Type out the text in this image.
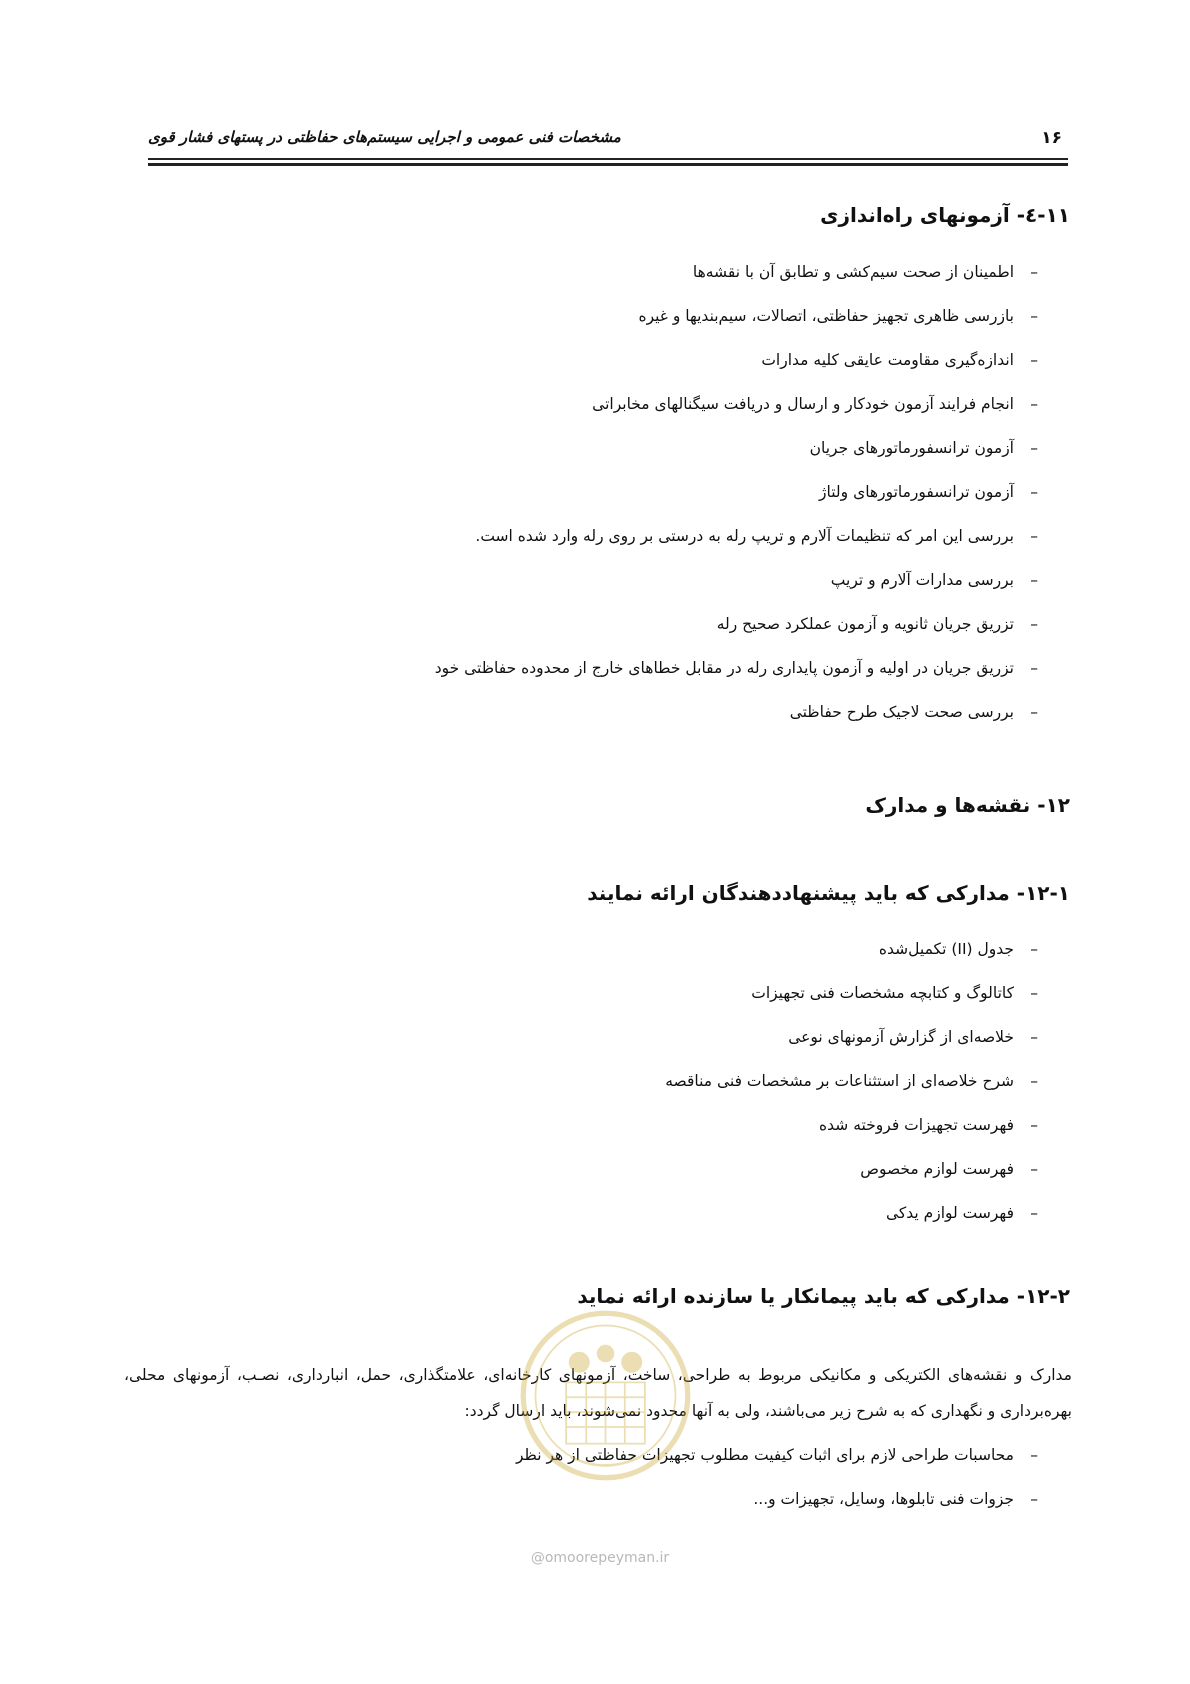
۱۶
مشخصات فنی عمومی و اجرایی سیستم‌های حفاظتی در پستهای فشار قوی
۱۱-٤- آزمونهای راه‌اندازی
–اطمینان از صحت سیم‌کشی و تطابق آن با نقشه‌ها
–بازرسی ظاهری تجهیز حفاظتی، اتصالات، سیم‌بندیها و غیره
–اندازه‌گیری مقاومت عایقی کلیه مدارات
–انجام فرایند آزمون خودکار و ارسال و دریافت سیگنالهای مخابراتی
–آزمون ترانسفورماتورهای جریان
–آزمون ترانسفورماتورهای ولتاژ
–بررسی این امر که تنظیمات آلارم و تریپ رله به درستی بر روی رله وارد شده است.
–بررسی مدارات آلارم و تریپ
–تزریق جریان ثانویه و آزمون عملکرد صحیح رله
–تزریق جریان در اولیه و آزمون پایداری رله در مقابل خطاهای خارج از محدوده حفاظتی خود
–بررسی صحت لاجیک طرح حفاظتی
۱۲- نقشه‌ها و مدارک
۱۲-۱- مدارکی که باید پیشنهاددهندگان ارائه نمایند
–جدول (II) تکمیل‌شده
–کاتالوگ و کتابچه مشخصات فنی تجهیزات
–خلاصه‌ای از گزارش آزمونهای نوعی
–شرح خلاصه‌ای از استثناعات بر مشخصات فنی مناقصه
–فهرست تجهیزات فروخته شده
–فهرست لوازم مخصوص
–فهرست لوازم یدکی
۱۲-۲- مدارکی که باید پیمانکار یا سازنده ارائه نماید
مدارک و نقشه‌های الکتریکی و مکانیکی مربوط به طراحی، ساخت، آزمونهای کارخانه‌ای، علامتگذاری، حمل، انبارداری، نصـب، آزمونهای محلی، بهره‌برداری و نگهداری که به شرح زیر می‌باشند، ولی به آنها محدود نمی‌شوند، باید ارسال گردد:
–محاسبات طراحی لازم برای اثبات کیفیت مطلوب تجهیزات حفاظتی از هر نظر
–جزوات فنی تابلوها، وسایل، تجهیزات و...
@omoorepeyman.ir
